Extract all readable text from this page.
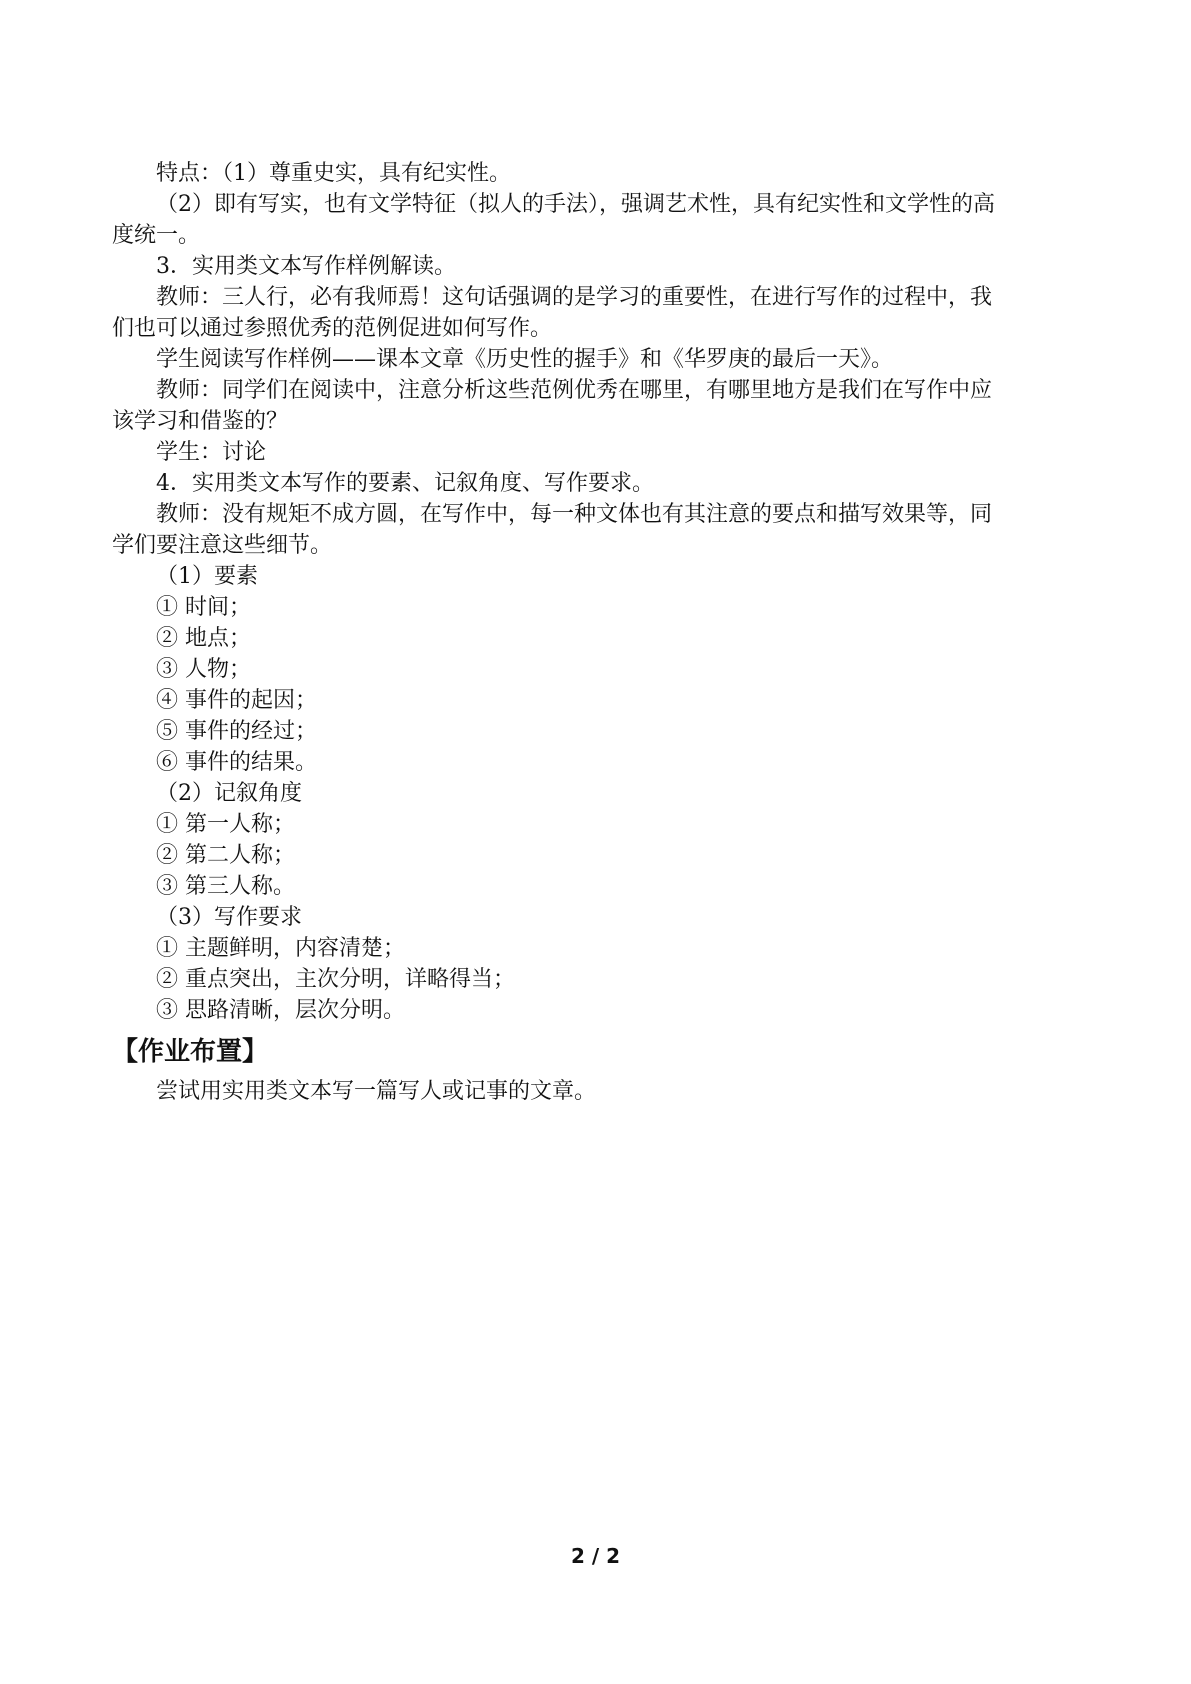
特点：（1）尊重史实，具有纪实性。
（2）即有写实，也有文学特征（拟人的手法），强调艺术性，具有纪实性和文学性的高
度统一。
3．实用类文本写作样例解读。
教师：三人行，必有我师焉！这句话强调的是学习的重要性，在进行写作的过程中，我
们也可以通过参照优秀的范例促进如何写作。
学生阅读写作样例——课本文章《历史性的握手》和《华罗庚的最后一天》。
教师：同学们在阅读中，注意分析这些范例优秀在哪里，有哪里地方是我们在写作中应
该学习和借鉴的？
学生：讨论
4．实用类文本写作的要素、记叙角度、写作要求。
教师：没有规矩不成方圆，在写作中，每一种文体也有其注意的要点和描写效果等，同
学们要注意这些细节。
（1）要素
① 时间；
② 地点；
③ 人物；
④ 事件的起因；
⑤ 事件的经过；
⑥ 事件的结果。
（2）记叙角度
① 第一人称；
② 第二人称；
③ 第三人称。
（3）写作要求
① 主题鲜明，内容清楚；
② 重点突出，主次分明，详略得当；
③ 思路清晰，层次分明。
【作业布置】
尝试用实用类文本写一篇写人或记事的文章。
2 / 2
